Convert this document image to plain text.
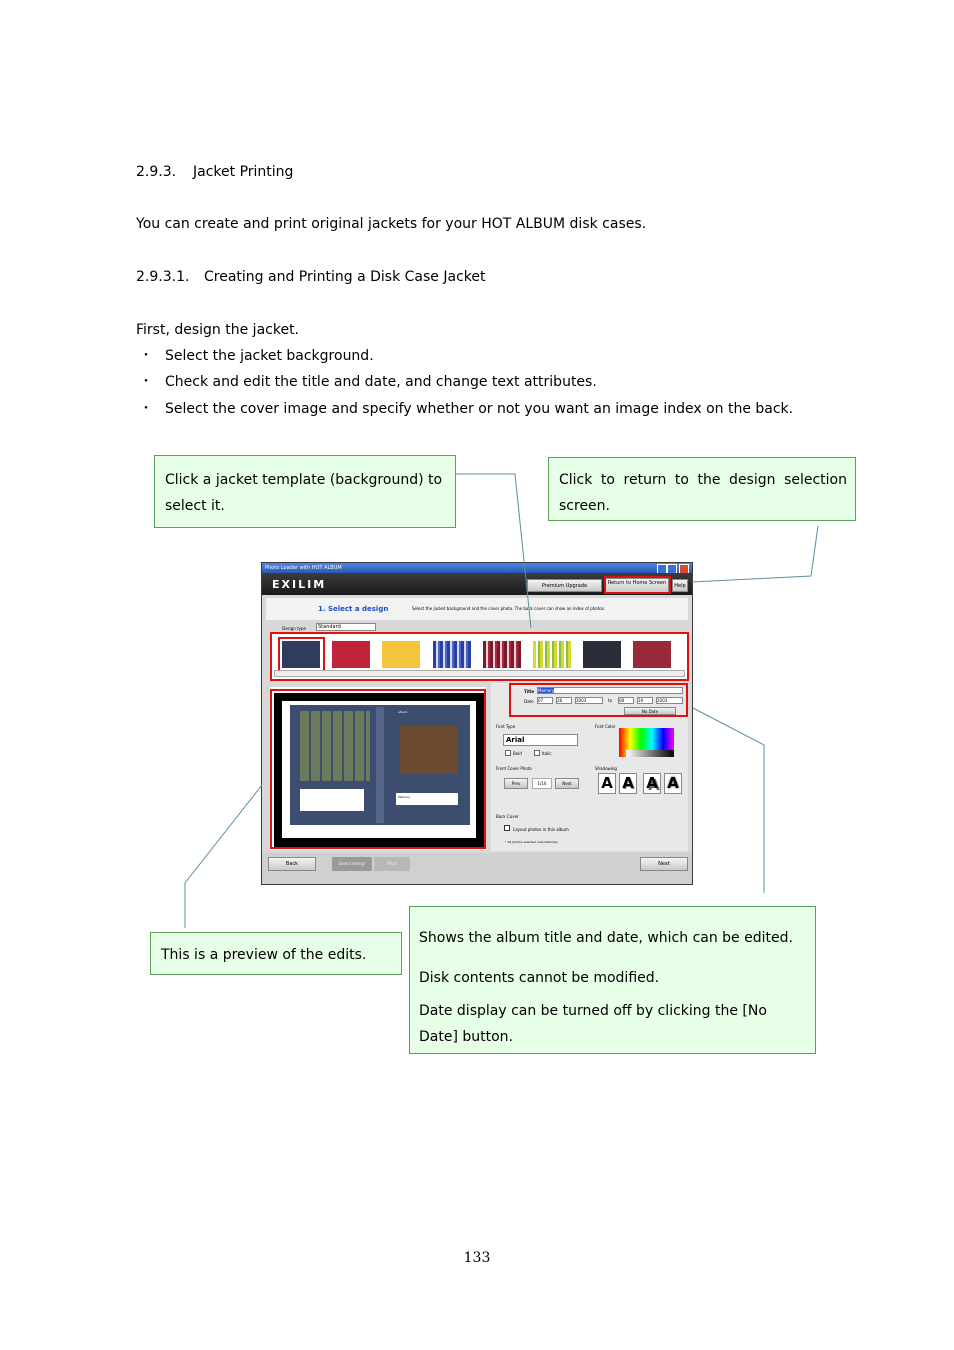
2.9.3. Jacket Printing
You can create and print original jackets for your HOT ALBUM disk cases.
2.9.3.1. Creating and Printing a Disk Case Jacket
First, design the jacket.
・ Select the jacket background.
・ Check and edit the title and date, and change text attributes.
・ Select the cover image and specify whether or not you want an image index on the back.

Click a jacket template (background) to select it.

Click to return to the design selection screen.

This is a preview of the edits.

Shows the album title and date, which can be edited.

Disk contents cannot be modified.

Date display can be turned off by clicking the [No Date] button.

Photo Loader with HOT ALBUM
EXILIM	Premium Upgrade	Return to Home Screen	Help
1. Select a design	Select the jacket background and the cover photo. The back cover can show an index of photos.
Design type	Standard
album
Memory
Title Memory
Date 07	28	2003	to 08	19	2003
No Date
Font Type
Arial
Bold	Italic
Font Color
Front Cover Photo
Prev	1/16	Next
Shadowing
A A A A
Back Cover
Layout photos in this album
* 16 photos selected automatically.
Back	Select design	Print	Next
133
